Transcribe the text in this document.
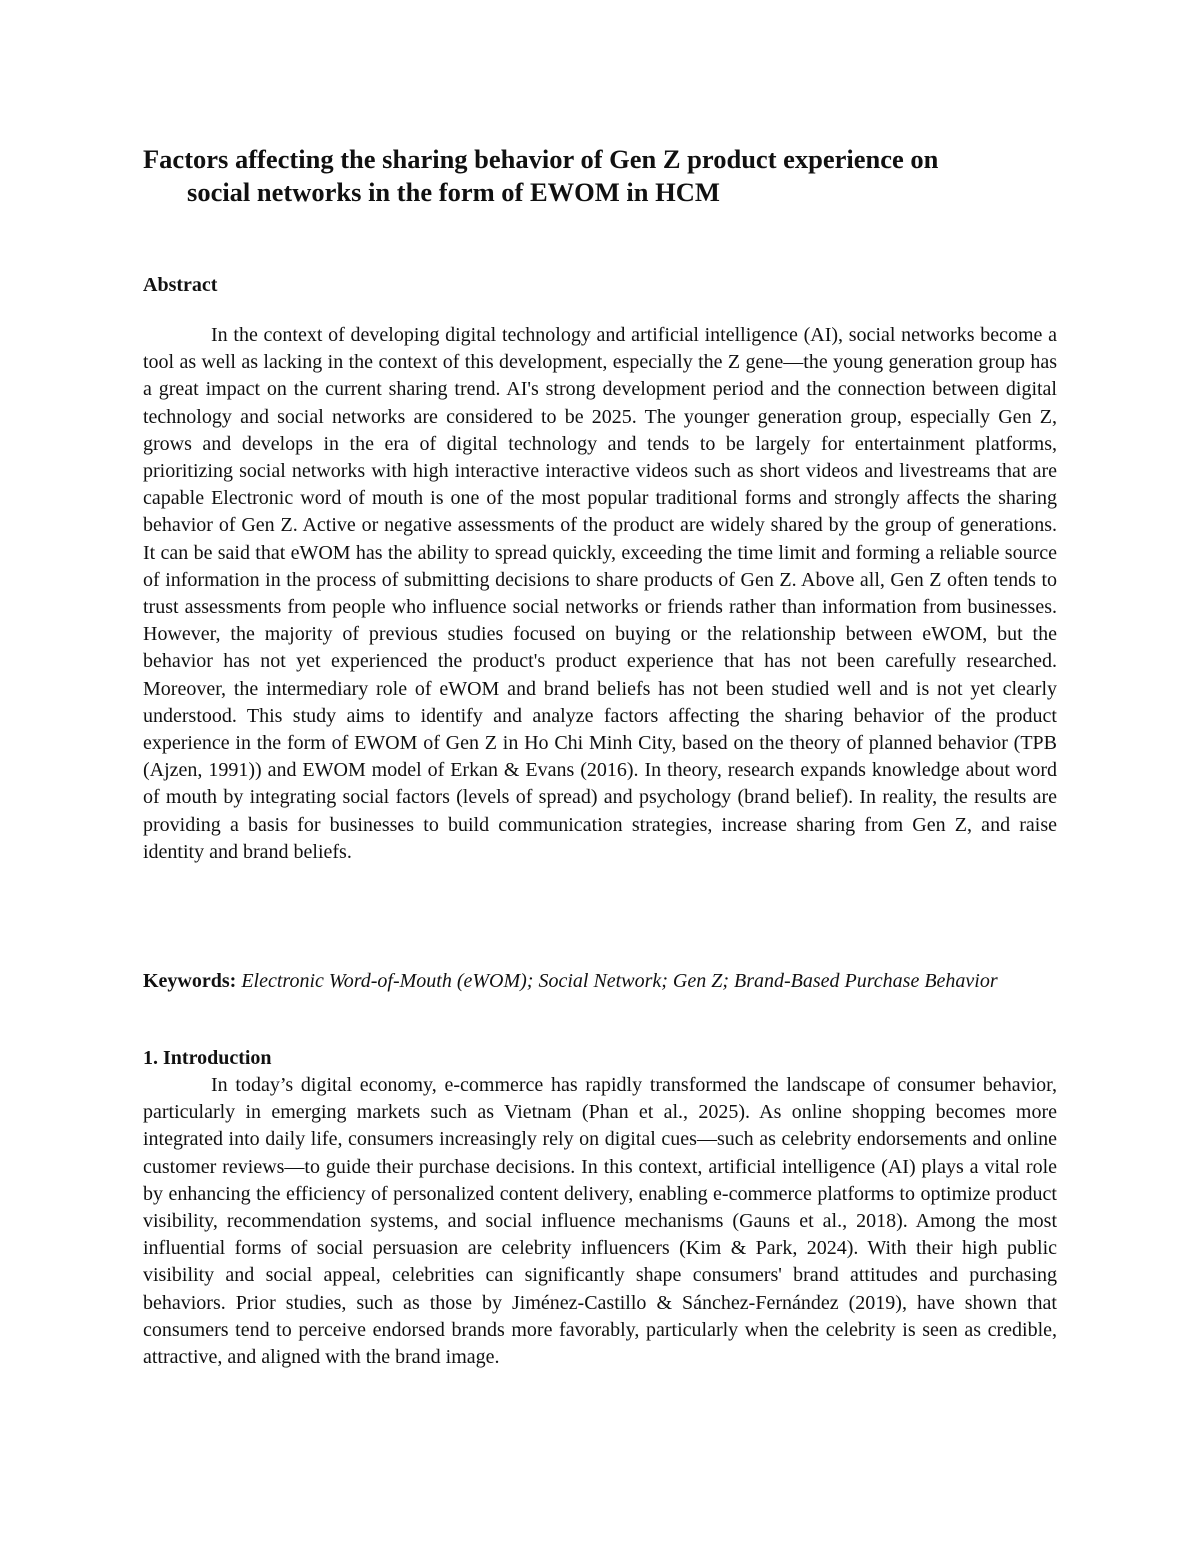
Factors affecting the sharing behavior of Gen Z product experience on
social networks in the form of EWOM in HCM
Abstract

In the context of developing digital technology and artificial intelligence (AI), social networks become a tool as well as lacking in the context of this development, especially the Z gene—the young generation group has a great impact on the current sharing trend. AI's strong development period and the connection between digital technology and social networks are considered to be 2025. The younger generation group, especially Gen Z, grows and develops in the era of digital technology and tends to be largely for entertainment platforms, prioritizing social networks with high interactive interactive videos such as short videos and livestreams that are capable Electronic word of mouth is one of the most popular traditional forms and strongly affects the sharing behavior of Gen Z. Active or negative assessments of the product are widely shared by the group of generations. It can be said that eWOM has the ability to spread quickly, exceeding the time limit and forming a reliable source of information in the process of submitting decisions to share products of Gen Z. Above all, Gen Z often tends to trust assessments from people who influence social networks or friends rather than information from businesses. However, the majority of previous studies focused on buying or the relationship between eWOM, but the behavior has not yet experienced the product's product experience that has not been carefully researched. Moreover, the intermediary role of eWOM and brand beliefs has not been studied well and is not yet clearly understood. This study aims to identify and analyze factors affecting the sharing behavior of the product experience in the form of EWOM of Gen Z in Ho Chi Minh City, based on the theory of planned behavior (TPB (Ajzen, 1991)) and EWOM model of Erkan & Evans (2016). In theory, research expands knowledge about word of mouth by integrating social factors (levels of spread) and psychology (brand belief). In reality, the results are providing a basis for businesses to build communication strategies, increase sharing from Gen Z, and raise identity and brand beliefs.

Keywords: Electronic Word-of-Mouth (eWOM); Social Network; Gen Z; Brand-Based Purchase Behavior

1. Introduction

In today’s digital economy, e-commerce has rapidly transformed the landscape of consumer behavior, particularly in emerging markets such as Vietnam (Phan et al., 2025). As online shopping becomes more integrated into daily life, consumers increasingly rely on digital cues—such as celebrity endorsements and online customer reviews—to guide their purchase decisions. In this context, artificial intelligence (AI) plays a vital role by enhancing the efficiency of personalized content delivery, enabling e-commerce platforms to optimize product visibility, recommendation systems, and social influence mechanisms (Gauns et al., 2018). Among the most influential forms of social persuasion are celebrity influencers (Kim & Park, 2024). With their high public visibility and social appeal, celebrities can significantly shape consumers' brand attitudes and purchasing behaviors. Prior studies, such as those by Jiménez-Castillo & Sánchez-Fernández (2019), have shown that consumers tend to perceive endorsed brands more favorably, particularly when the celebrity is seen as credible, attractive, and aligned with the brand image.
